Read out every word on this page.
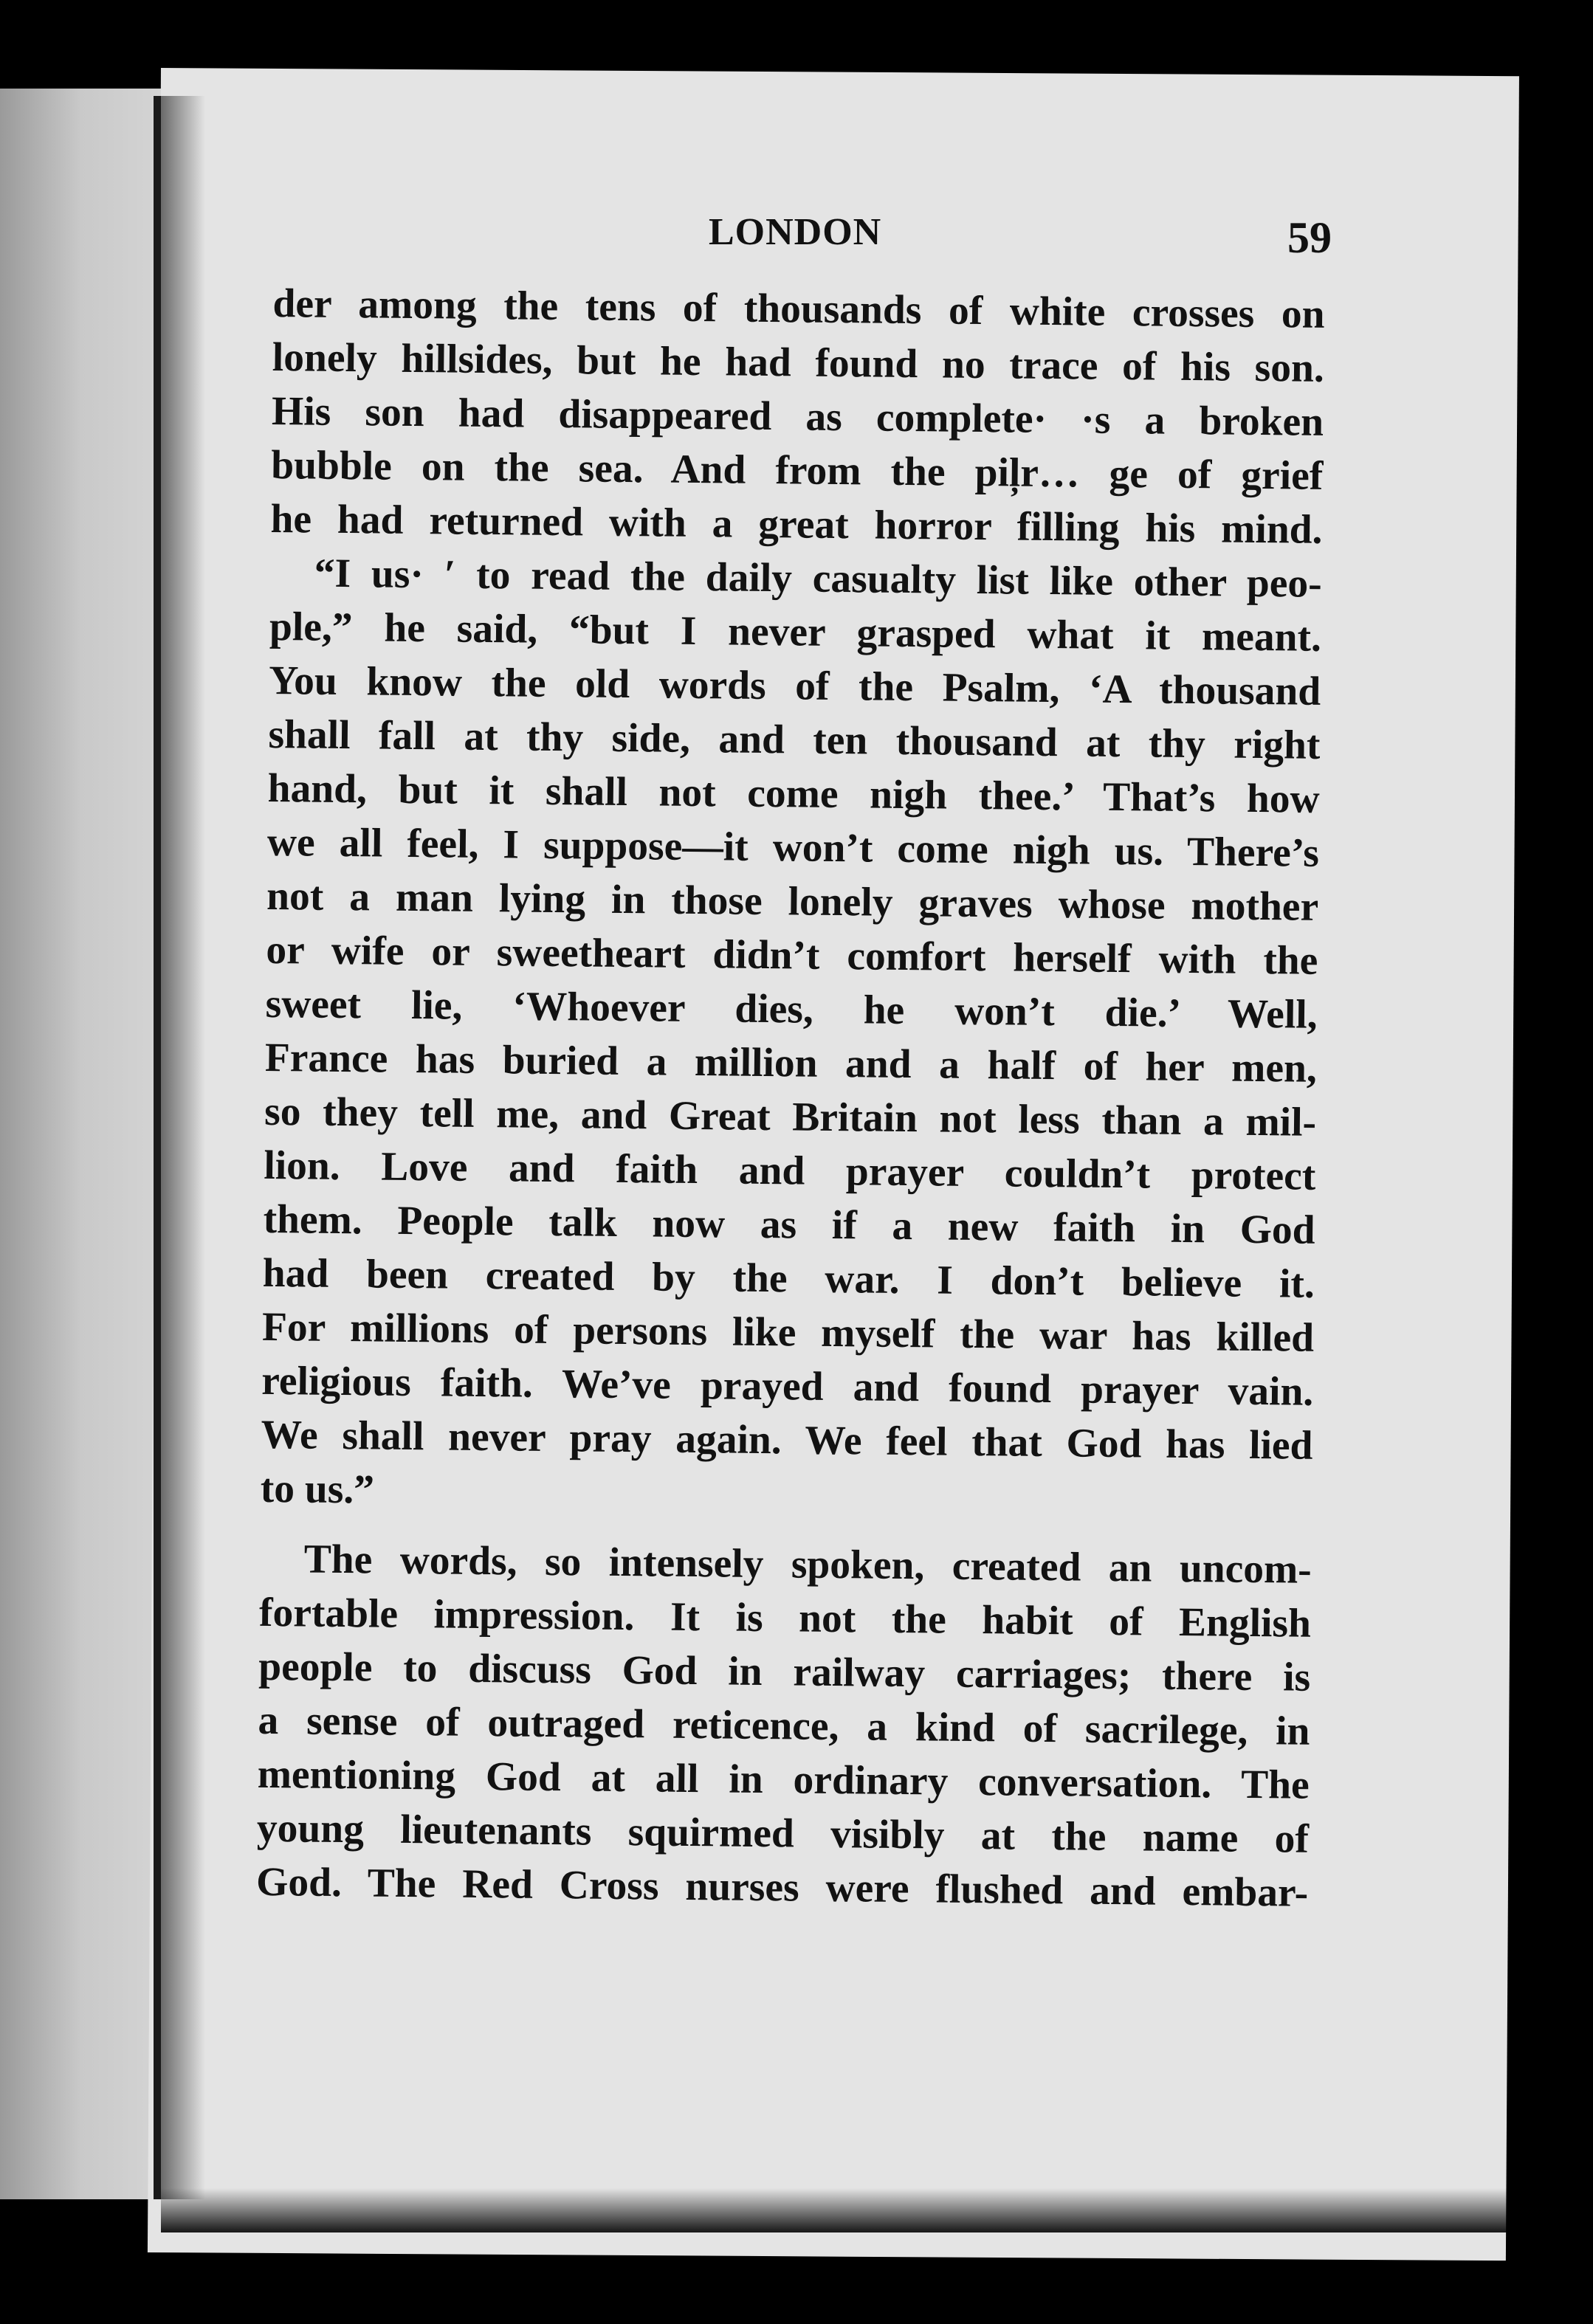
LONDON	59
der among the tens of thousands of white crosses on
lonely hillsides, but he had found no trace of his son.
His son had disappeared as complete· ·s a broken
bubble on the sea. And from the piļr… ge of grief
he had returned with a great horror filling his mind.
“I us· ʹ to read the daily casualty list like other peo-
ple,” he said, “but I never grasped what it meant.
You know the old words of the Psalm, ‘A thousand
shall fall at thy side, and ten thousand at thy right
hand, but it shall not come nigh thee.’ That’s how
we all feel, I suppose—it won’t come nigh us. There’s
not a man lying in those lonely graves whose mother
or wife or sweetheart didn’t comfort herself with the
sweet lie, ‘Whoever dies, he won’t die.’ Well,
France has buried a million and a half of her men,
so they tell me, and Great Britain not less than a mil-
lion. Love and faith and prayer couldn’t protect
them. People talk now as if a new faith in God
had been created by the war. I don’t believe it.
For millions of persons like myself the war has killed
religious faith. We’ve prayed and found prayer vain.
We shall never pray again. We feel that God has lied
to us.”
The words, so intensely spoken, created an uncom-
fortable impression. It is not the habit of English
people to discuss God in railway carriages; there is
a sense of outraged reticence, a kind of sacrilege, in
mentioning God at all in ordinary conversation. The
young lieutenants squirmed visibly at the name of
God. The Red Cross nurses were flushed and embar-
